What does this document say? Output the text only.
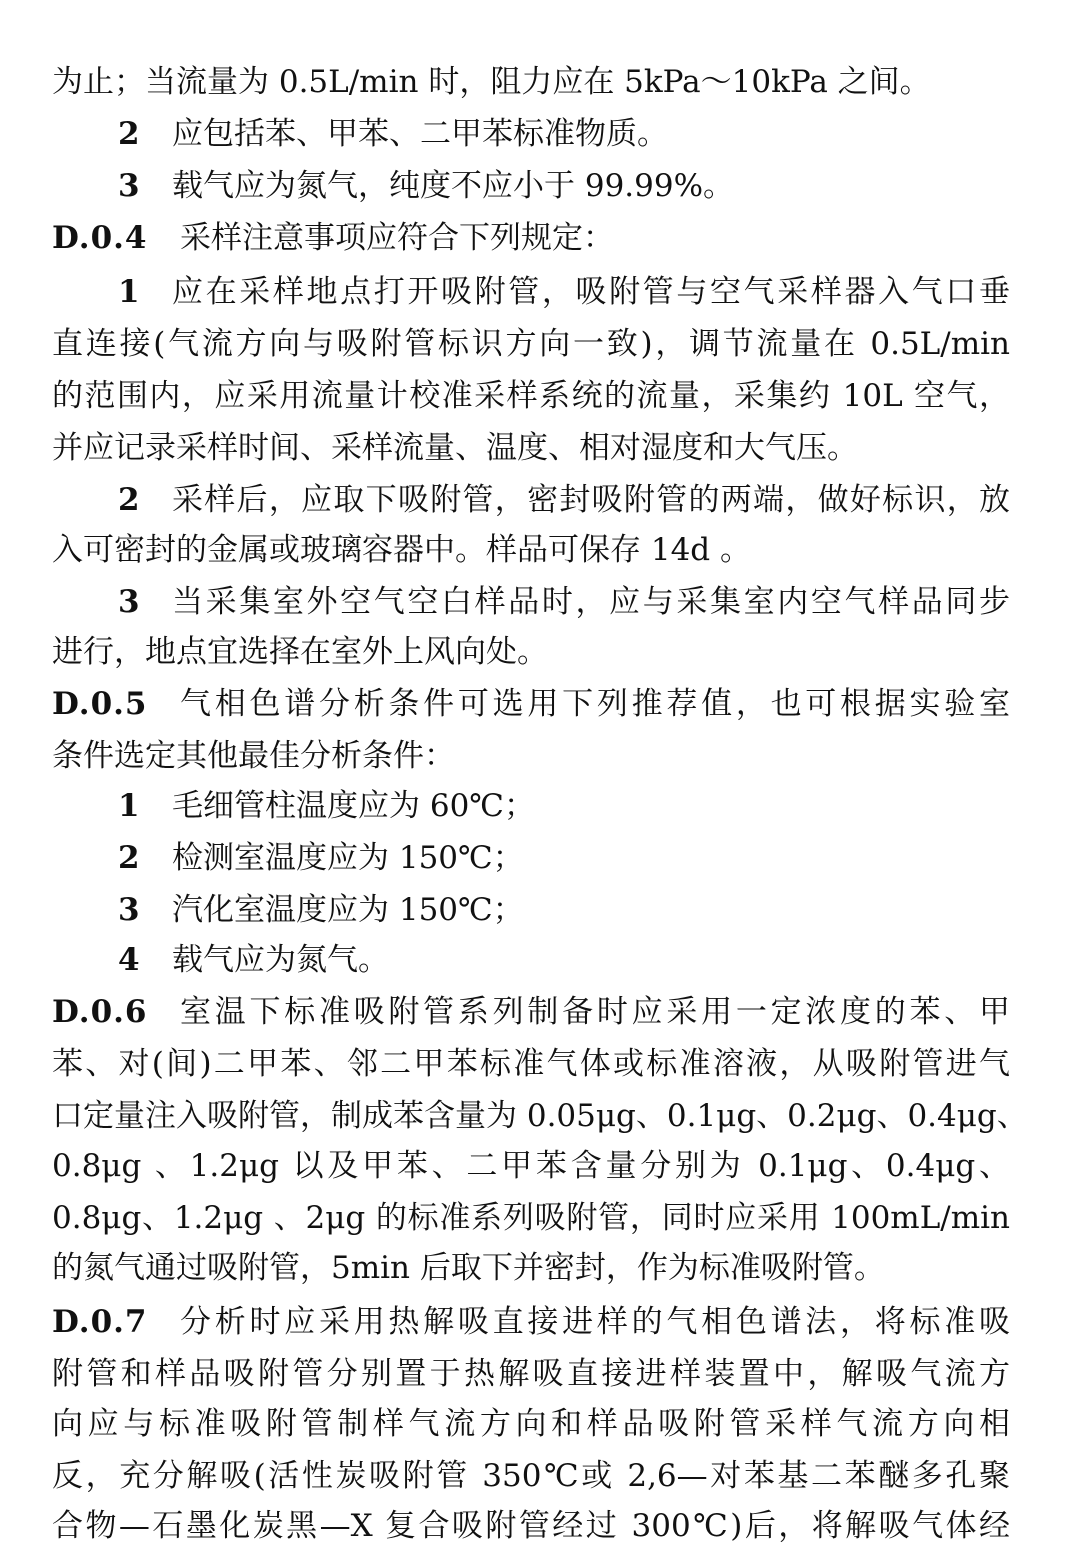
为止；当流量为 0.5L/min 时，阻力应在 5kPa～10kPa 之间。
2 应包括苯、甲苯、二甲苯标准物质。
3 载气应为氮气，纯度不应小于 99.99%。
D.0.4 采样注意事项应符合下列规定：
1 应在采样地点打开吸附管，吸附管与空气采样器入气口垂
直连接(气流方向与吸附管标识方向一致)，调节流量在 0.5L/min
的范围内，应采用流量计校准采样系统的流量，采集约 10L 空气，
并应记录采样时间、采样流量、温度、相对湿度和大气压。
2 采样后，应取下吸附管，密封吸附管的两端，做好标识，放
入可密封的金属或玻璃容器中。样品可保存 14d 。
3 当采集室外空气空白样品时，应与采集室内空气样品同步
进行，地点宜选择在室外上风向处。
D.0.5 气相色谱分析条件可选用下列推荐值，也可根据实验室
条件选定其他最佳分析条件：
1 毛细管柱温度应为 60℃；
2 检测室温度应为 150℃；
3 汽化室温度应为 150℃；
4 载气应为氮气。
D.0.6 室温下标准吸附管系列制备时应采用一定浓度的苯、甲
苯、对(间)二甲苯、邻二甲苯标准气体或标准溶液，从吸附管进气
口定量注入吸附管，制成苯含量为 0.05μg、0.1μg、0.2μg、0.4μg、
0.8μg 、1.2μg 以及甲苯、二甲苯含量分别为 0.1μg、0.4μg、
0.8μg、1.2μg 、2μg 的标准系列吸附管，同时应采用 100mL/min
的氮气通过吸附管，5min 后取下并密封，作为标准吸附管。
D.0.7 分析时应采用热解吸直接进样的气相色谱法，将标准吸
附管和样品吸附管分别置于热解吸直接进样装置中，解吸气流方
向应与标准吸附管制样气流方向和样品吸附管采样气流方向相
反，充分解吸(活性炭吸附管 350℃或 2,6—对苯基二苯醚多孔聚
合物—石墨化炭黑—X 复合吸附管经过 300℃)后，将解吸气体经
